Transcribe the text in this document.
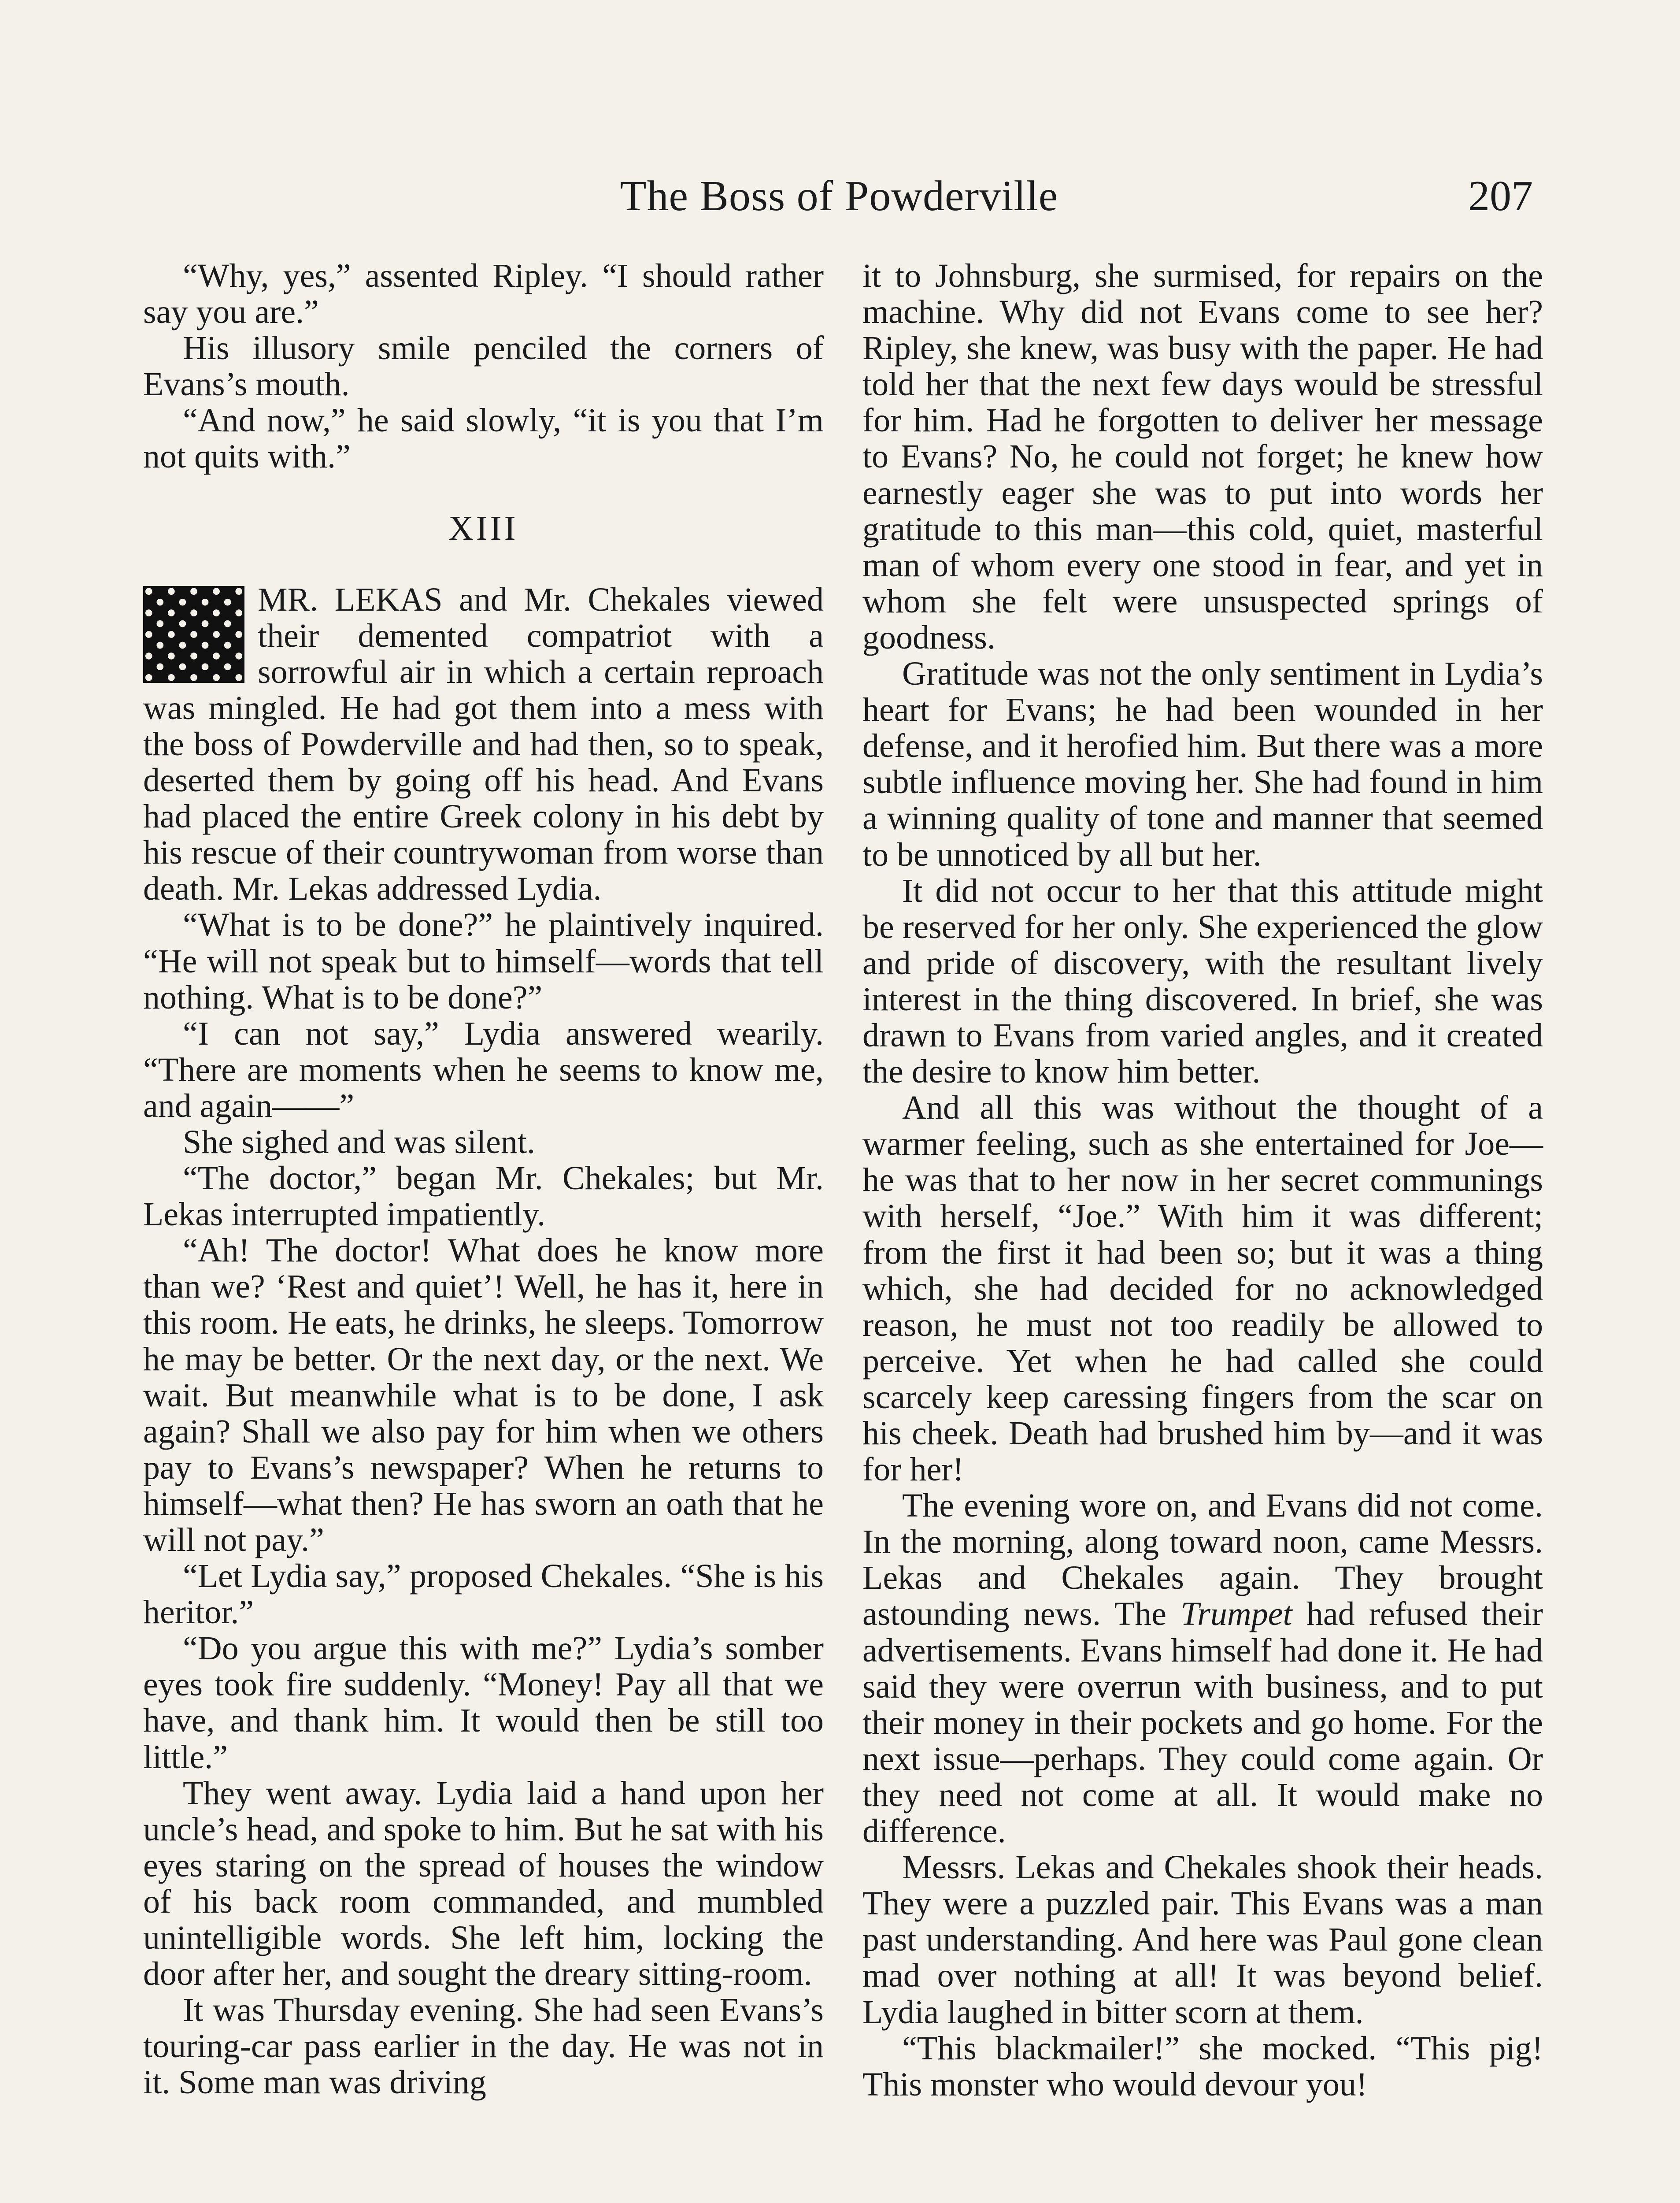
The Boss of Powderville	207

“Why, yes,” assented Ripley. “I should rather say you are.”

His illusory smile penciled the corners of Evans’s mouth.

“And now,” he said slowly, “it is you that I’m not quits with.”

XIII

MR. LEKAS and Mr. Chekales viewed their demented compatriot with a sorrowful air in which a certain reproach was mingled. He had got them into a mess with the boss of Powderville and had then, so to speak, deserted them by going off his head. And Evans had placed the entire Greek colony in his debt by his rescue of their countrywoman from worse than death. Mr. Lekas addressed Lydia.

“What is to be done?” he plaintively inquired. “He will not speak but to himself—words that tell nothing. What is to be done?”

“I can not say,” Lydia answered wearily. “There are moments when he seems to know me, and again——”

She sighed and was silent.

“The doctor,” began Mr. Chekales; but Mr. Lekas interrupted impatiently.

“Ah! The doctor! What does he know more than we? ‘Rest and quiet’! Well, he has it, here in this room. He eats, he drinks, he sleeps. Tomorrow he may be better. Or the next day, or the next. We wait. But meanwhile what is to be done, I ask again? Shall we also pay for him when we others pay to Evans’s newspaper? When he returns to himself—what then? He has sworn an oath that he will not pay.”

“Let Lydia say,” proposed Chekales. “She is his heritor.”

“Do you argue this with me?” Lydia’s somber eyes took fire suddenly. “Money! Pay all that we have, and thank him. It would then be still too little.”

They went away. Lydia laid a hand upon her uncle’s head, and spoke to him. But he sat with his eyes staring on the spread of houses the window of his back room commanded, and mumbled unintelligible words. She left him, locking the door after her, and sought the dreary sitting-room.

It was Thursday evening. She had seen Evans’s touring-car pass earlier in the day. He was not in it. Some man was driving

it to Johnsburg, she surmised, for repairs on the machine. Why did not Evans come to see her? Ripley, she knew, was busy with the paper. He had told her that the next few days would be stressful for him. Had he forgotten to deliver her message to Evans? No, he could not forget; he knew how earnestly eager she was to put into words her gratitude to this man—this cold, quiet, masterful man of whom every one stood in fear, and yet in whom she felt were unsuspected springs of goodness.

Gratitude was not the only sentiment in Lydia’s heart for Evans; he had been wounded in her defense, and it herofied him. But there was a more subtle influence moving her. She had found in him a winning quality of tone and manner that seemed to be unnoticed by all but her.

It did not occur to her that this attitude might be reserved for her only. She experienced the glow and pride of discovery, with the resultant lively interest in the thing discovered. In brief, she was drawn to Evans from varied angles, and it created the desire to know him better.

And all this was without the thought of a warmer feeling, such as she entertained for Joe—he was that to her now in her secret communings with herself, “Joe.” With him it was different; from the first it had been so; but it was a thing which, she had decided for no acknowledged reason, he must not too readily be allowed to perceive. Yet when he had called she could scarcely keep caressing fingers from the scar on his cheek. Death had brushed him by—and it was for her!

The evening wore on, and Evans did not come. In the morning, along toward noon, came Messrs. Lekas and Chekales again. They brought astounding news. The Trumpet had refused their advertisements. Evans himself had done it. He had said they were overrun with business, and to put their money in their pockets and go home. For the next issue—perhaps. They could come again. Or they need not come at all. It would make no difference.

Messrs. Lekas and Chekales shook their heads. They were a puzzled pair. This Evans was a man past understanding. And here was Paul gone clean mad over nothing at all! It was beyond belief. Lydia laughed in bitter scorn at them.

“This blackmailer!” she mocked. “This pig! This monster who would devour you!
